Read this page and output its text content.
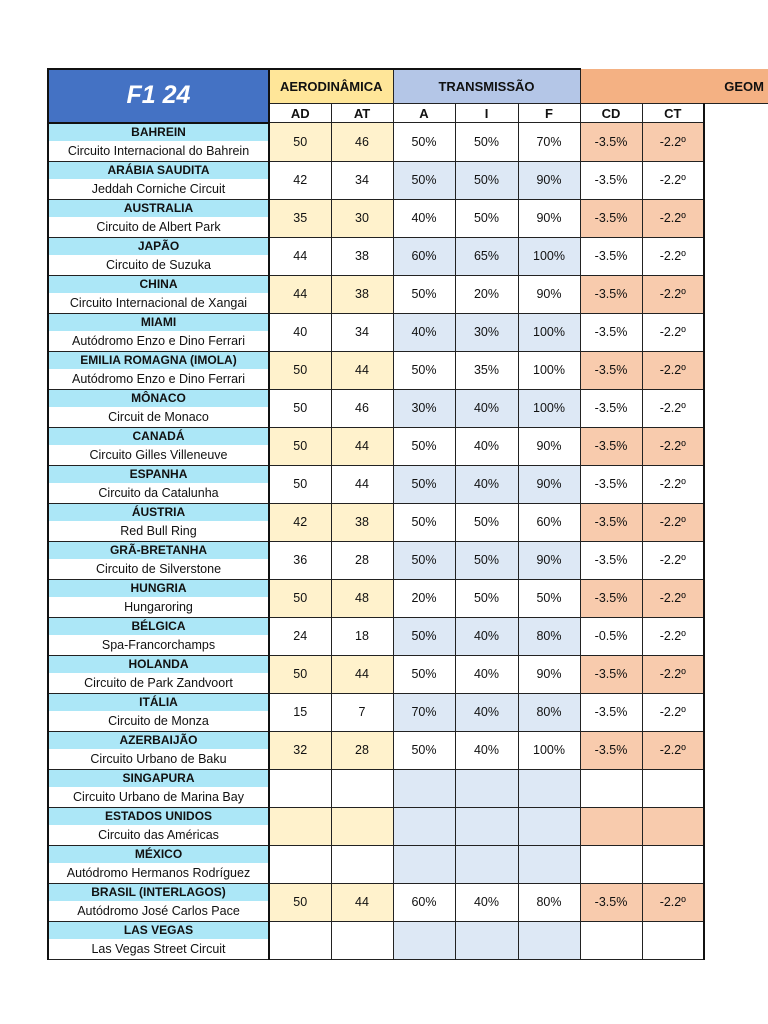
F1 24	AERODINÂMICA		TRANSMISSÃO			GEOM	
	AD	AT	A	I	F	CD	CT

BAHREIN
Circuito Internacional do Bahrein	50	46	50%	50%	70%	-3.5%	-2.2º

ARÁBIA SAUDITA
Jeddah Corniche Circuit	42	34	50%	50%	90%	-3.5%	-2.2º

AUSTRALIA
Circuito de Albert Park	35	30	40%	50%	90%	-3.5%	-2.2º

JAPÃO
Circuito de Suzuka	44	38	60%	65%	100%	-3.5%	-2.2º

CHINA
Circuito Internacional de Xangai	44	38	50%	20%	90%	-3.5%	-2.2º

MIAMI
Autódromo Enzo e Dino Ferrari	40	34	40%	30%	100%	-3.5%	-2.2º

EMILIA ROMAGNA (IMOLA)
Autódromo Enzo e Dino Ferrari	50	44	50%	35%	100%	-3.5%	-2.2º

MÔNACO
Circuit de Monaco	50	46	30%	40%	100%	-3.5%	-2.2º

CANADÁ
Circuito Gilles Villeneuve	50	44	50%	40%	90%	-3.5%	-2.2º

ESPANHA
Circuito da Catalunha	50	44	50%	40%	90%	-3.5%	-2.2º

ÁUSTRIA
Red Bull Ring	42	38	50%	50%	60%	-3.5%	-2.2º

GRÃ-BRETANHA
Circuito de Silverstone	36	28	50%	50%	90%	-3.5%	-2.2º

HUNGRIA
Hungaroring	50	48	20%	50%	50%	-3.5%	-2.2º

BÉLGICA
Spa-Francorchamps	24	18	50%	40%	80%	-0.5%	-2.2º

HOLANDA
Circuito de Park Zandvoort	50	44	50%	40%	90%	-3.5%	-2.2º

ITÁLIA
Circuito de Monza	15	7	70%	40%	80%	-3.5%	-2.2º

AZERBAIJÃO
Circuito Urbano de Baku	32	28	50%	40%	100%	-3.5%	-2.2º

SINGAPURA
Circuito Urbano de Marina Bay							

ESTADOS UNIDOS
Circuito das Américas							

MÉXICO
Autódromo Hermanos Rodríguez							

BRASIL (INTERLAGOS)
Autódromo José Carlos Pace	50	44	60%	40%	80%	-3.5%	-2.2º

LAS VEGAS
Las Vegas Street Circuit							
